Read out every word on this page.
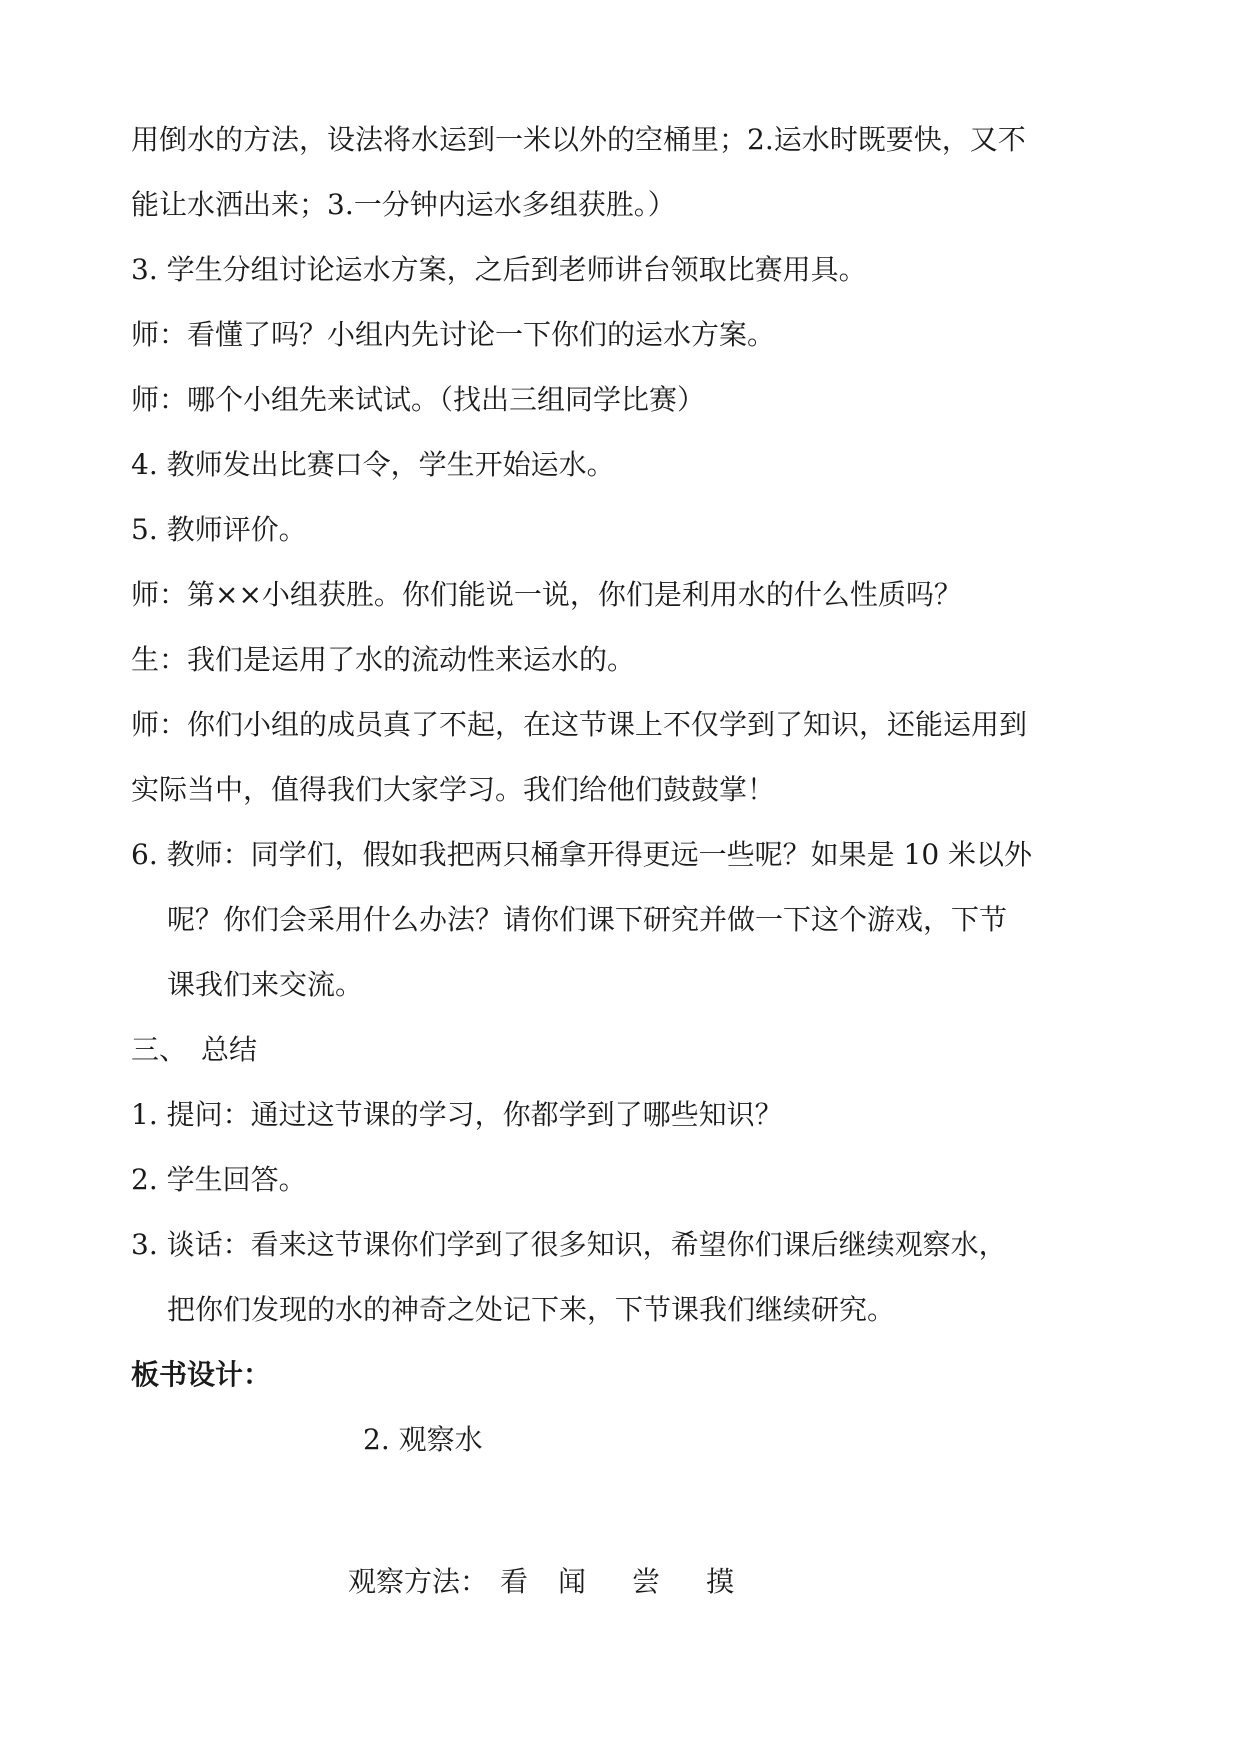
用倒水的方法，设法将水运到一米以外的空桶里；2.运水时既要快，又不
能让水洒出来；3.一分钟内运水多组获胜。）
3. 学生分组讨论运水方案，之后到老师讲台领取比赛用具。
师：看懂了吗？小组内先讨论一下你们的运水方案。
师：哪个小组先来试试。（找出三组同学比赛）
4. 教师发出比赛口令，学生开始运水。
5. 教师评价。
师：第××小组获胜。你们能说一说，你们是利用水的什么性质吗？
生：我们是运用了水的流动性来运水的。
师：你们小组的成员真了不起，在这节课上不仅学到了知识，还能运用到
实际当中，值得我们大家学习。我们给他们鼓鼓掌！
6. 教师：同学们，假如我把两只桶拿开得更远一些呢？如果是 10 米以外
呢？你们会采用什么办法？请你们课下研究并做一下这个游戏，下节
课我们来交流。
三、　总结
1. 提问：通过这节课的学习，你都学到了哪些知识？
2. 学生回答。
3. 谈话：看来这节课你们学到了很多知识，希望你们课后继续观察水，
把你们发现的水的神奇之处记下来，下节课我们继续研究。
板书设计：
2. 观察水
观察方法： 看 闻 尝 摸
